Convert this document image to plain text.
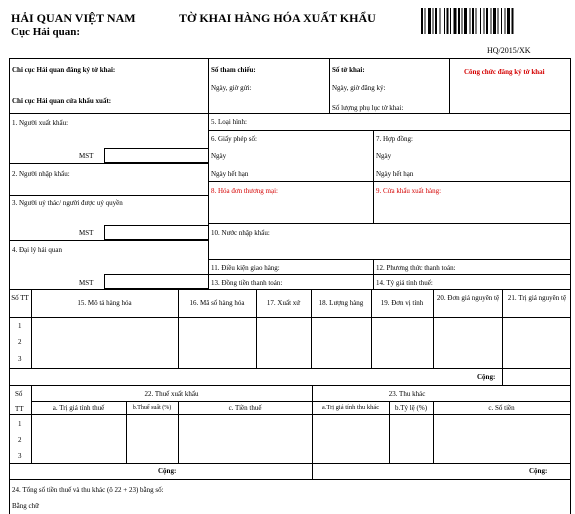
HẢI QUAN VIỆT NAM
Cục Hải quan:
TỜ KHAI HÀNG HÓA XUẤT KHẨU
HQ/2015/XK
Chi cục Hải quan đăng ký tờ khai:
Chi cục Hải quan cửa khẩu xuất:
Số tham chiếu:
Ngày, giờ gửi:
Số tờ khai:
Ngày, giờ đăng ký:
Số lượng phụ lục tờ khai:
Công chức đăng ký tờ khai
1. Người xuất khẩu:
MST
2. Người nhập khẩu:
3. Người uỷ thác/ người được uỷ quyền
MST
4. Đại lý hải quan
MST
5. Loại hình:
6. Giấy phép số:
Ngày
Ngày hết hạn
7. Hợp đồng:
Ngày
Ngày hết hạn
8. Hóa đơn thương mại:	9. Cửa khẩu xuất hàng:
10. Nước nhập khẩu:
11. Điều kiện giao hàng:	12. Phương thức thanh toán:
13. Đồng tiền thanh toán:	14. Tỷ giá tính thuế:
Số TT
15. Mô tả hàng hóa	16. Mã số hàng hóa	17. Xuất xứ	18. Lượng hàng	19. Đơn vị tính
20. Đơn giá nguyên tệ	21. Trị giá nguyên tệ
1
2
3
Cộng:
Số
TT
22. Thuế xuất khẩu	23. Thu khác
a. Trị giá tính thuế	b.Thuế suất (%)	c. Tiền thuế	a.Trị giá tính thu khác	b.Tỷ lệ (%)	c. Số tiền
1
2
3
Cộng:	Cộng:
24. Tổng số tiền thuế và thu khác (ô 22 + 23) bằng số:
Bằng chữ
